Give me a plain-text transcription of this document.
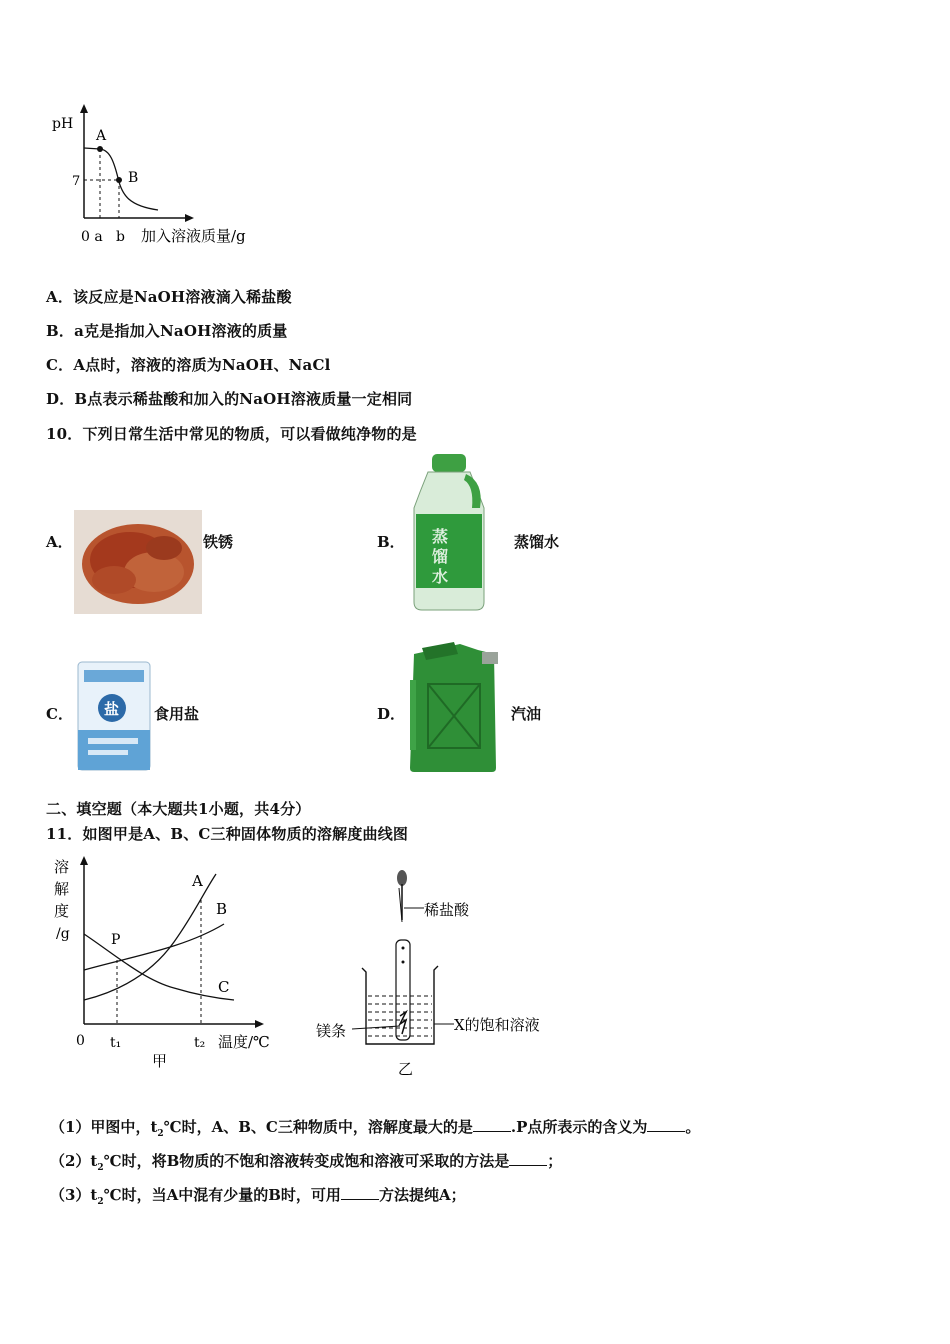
pH
7
A
B
0 a   b 加入溶液质量/g
A．该反应是NaOH溶液滴入稀盐酸
B．a克是指加入NaOH溶液的质量
C．A点时，溶液的溶质为NaOH、NaCl
D．B点表示稀盐酸和加入的NaOH溶液质量一定相同
10．下列日常生活中常见的物质，可以看做纯净物的是
A．	铁锈	B． 蒸
馏
水
蒸馏水
C． 盐 食用盐	D．	汽油
二、填空题（本大题共1小题，共4分）
11．如图甲是A、B、C三种固体物质的溶解度曲线图
溶
解
度
/g
A
B
C
P
0 t₁	t₂ 温度/℃
甲
稀盐酸
镁条	X的饱和溶液
乙
（1）甲图中，$t_2℃$时，A、B、C三种物质中，溶解度最大的是	.P点所表示的含义为	。
$(2)t_2℃$时，将B物质的不饱和溶液转变成饱和溶液可采取的方法是	；
$(3)t_2℃$时，当A中混有少量的B时，可用	方法提纯A；
